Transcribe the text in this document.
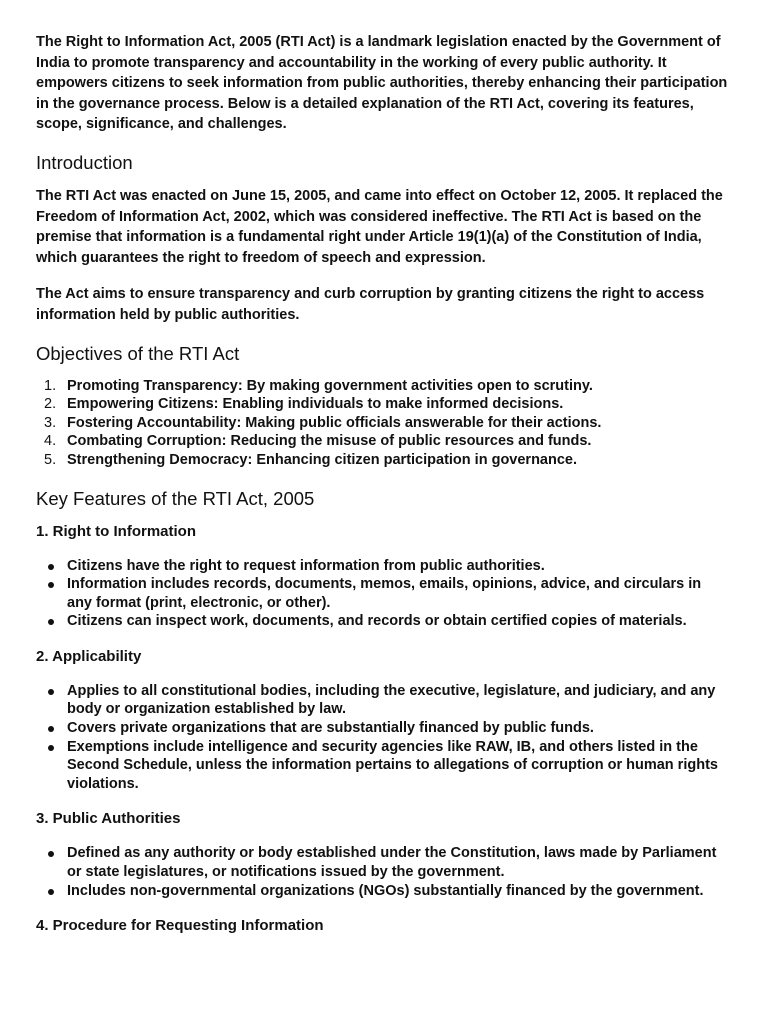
The Right to Information Act, 2005 (RTI Act) is a landmark legislation enacted by the Government of India to promote transparency and accountability in the working of every public authority. It empowers citizens to seek information from public authorities, thereby enhancing their participation in the governance process. Below is a detailed explanation of the RTI Act, covering its features, scope, significance, and challenges.

Introduction

The RTI Act was enacted on June 15, 2005, and came into effect on October 12, 2005. It replaced the Freedom of Information Act, 2002, which was considered ineffective. The RTI Act is based on the premise that information is a fundamental right under Article 19(1)(a) of the Constitution of India, which guarantees the right to freedom of speech and expression.

The Act aims to ensure transparency and curb corruption by granting citizens the right to access information held by public authorities.

Objectives of the RTI Act
1. Promoting Transparency: By making government activities open to scrutiny.
2. Empowering Citizens: Enabling individuals to make informed decisions.
3. Fostering Accountability: Making public officials answerable for their actions.
4. Combating Corruption: Reducing the misuse of public resources and funds.
5. Strengthening Democracy: Enhancing citizen participation in governance.
Key Features of the RTI Act, 2005
1. Right to Information
Citizens have the right to request information from public authorities.
Information includes records, documents, memos, emails, opinions, advice, and circulars in any format (print, electronic, or other).
Citizens can inspect work, documents, and records or obtain certified copies of materials.
2. Applicability
Applies to all constitutional bodies, including the executive, legislature, and judiciary, and any body or organization established by law.
Covers private organizations that are substantially financed by public funds.
Exemptions include intelligence and security agencies like RAW, IB, and others listed in the Second Schedule, unless the information pertains to allegations of corruption or human rights violations.
3. Public Authorities
Defined as any authority or body established under the Constitution, laws made by Parliament or state legislatures, or notifications issued by the government.
Includes non-governmental organizations (NGOs) substantially financed by the government.
4. Procedure for Requesting Information
